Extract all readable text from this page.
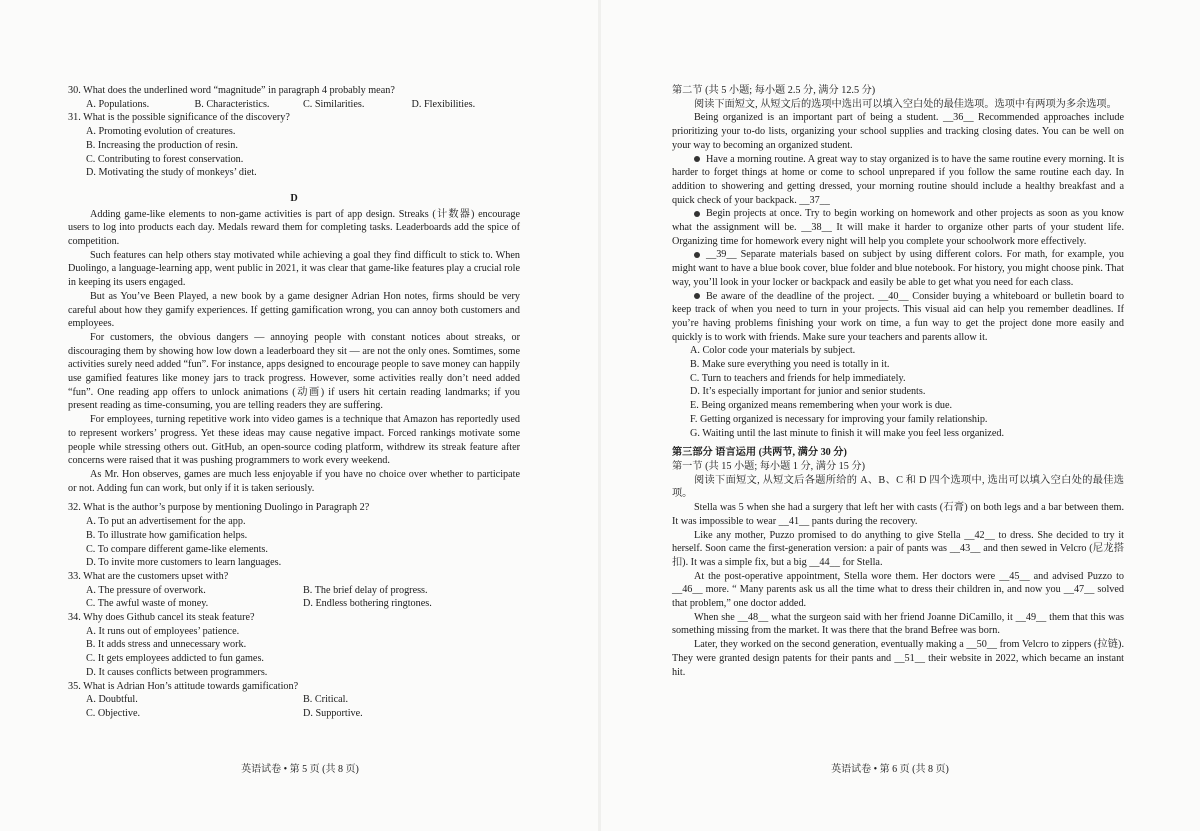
30. What does the underlined word “magnitude” in paragraph 4 probably mean?

A. Populations.	B. Characteristics.	C. Similarities.	D. Flexibilities.

31. What is the possible significance of the discovery?

A. Promoting evolution of creatures.

B. Increasing the production of resin.

C. Contributing to forest conservation.

D. Motivating the study of monkeys’ diet.

D

Adding game-like elements to non-game activities is part of app design. Streaks (计数器) encourage users to log into products each day. Medals reward them for completing tasks. Leaderboards add the spice of competition.

Such features can help others stay motivated while achieving a goal they find difficult to stick to. When Duolingo, a language-learning app, went public in 2021, it was clear that game-like features play a crucial role in keeping its users engaged.

But as You’ve Been Played, a new book by a game designer Adrian Hon notes, firms should be very careful about how they gamify experiences. If getting gamification wrong, you can annoy both customers and employees.

For customers, the obvious dangers — annoying people with constant notices about streaks, or discouraging them by showing how low down a leaderboard they sit — are not the only ones. Somtimes, some activities surely need added “fun”. For instance, apps designed to encourage people to save money can happily use gamified features like money jars to track progress. However, some activities really don’t need added “fun”. One reading app offers to unlock animations (动画) if users hit certain reading landmarks; if you present reading as time-consuming, you are telling readers they are suffering.

For employees, turning repetitive work into video games is a technique that Amazon has reportedly used to represent workers’ progress. Yet these ideas may cause negative impact. Forced rankings motivate some people while stressing others out. GitHub, an open-source coding platform, withdrew its streak feature after concerns were raised that it was pushing programmers to work every weekend.

As Mr. Hon observes, games are much less enjoyable if you have no choice over whether to participate or not. Adding fun can work, but only if it is taken seriously.

32. What is the author’s purpose by mentioning Duolingo in Paragraph 2?

A. To put an advertisement for the app.

B. To illustrate how gamification helps.

C. To compare different game-like elements.

D. To invite more customers to learn languages.

33. What are the customers upset with?

A. The pressure of overwork.	B. The brief delay of progress.
C. The awful waste of money.	D. Endless bothering ringtones.

34. Why does Github cancel its steak feature?

A. It runs out of employees’ patience.

B. It adds stress and unnecessary work.

C. It gets employees addicted to fun games.

D. It causes conflicts between programmers.

35. What is Adrian Hon’s attitude towards gamification?

A. Doubtful.	B. Critical.
C. Objective.	D. Supportive.
英语试卷 • 第 5 页 (共 8 页)

第二节 (共 5 小题; 每小题 2.5 分, 满分 12.5 分)

阅读下面短文, 从短文后的选项中选出可以填入空白处的最佳选项。选项中有两项为多余选项。

Being organized is an important part of being a student. __36__ Recommended approaches include prioritizing your to-do lists, organizing your school supplies and tracking closing dates. You can be well on your way to becoming an organized student.

Have a morning routine. A great way to stay organized is to have the same routine every morning. It is harder to forget things at home or come to school unprepared if you follow the same routine each day. In addition to showering and getting dressed, your morning routine should include a healthy breakfast and a quick check of your backpack. __37__

Begin projects at once. Try to begin working on homework and other projects as soon as you know what the assignment will be. __38__ It will make it harder to organize other parts of your student life. Organizing time for homework every night will help you complete your schoolwork more effectively.

__39__ Separate materials based on subject by using different colors. For math, for example, you might want to have a blue book cover, blue folder and blue notebook. For history, you might choose pink. That way, you’ll look in your locker or backpack and easily be able to get what you need for each class.

Be aware of the deadline of the project. __40__ Consider buying a whiteboard or bulletin board to keep track of when you need to turn in your projects. This visual aid can help you remember deadlines. If you’re having problems finishing your work on time, a fun way to get the project done more easily and quickly is to work with friends. Make sure your teachers and parents allow it.

A. Color code your materials by subject.

B. Make sure everything you need is totally in it.

C. Turn to teachers and friends for help immediately.

D. It’s especially important for junior and senior students.

E. Being organized means remembering when your work is due.

F. Getting organized is necessary for improving your family relationship.

G. Waiting until the last minute to finish it will make you feel less organized.

第三部分 语言运用 (共两节, 满分 30 分)

第一节 (共 15 小题; 每小题 1 分, 满分 15 分)

阅读下面短文, 从短文后各题所给的 A、B、C 和 D 四个选项中, 选出可以填入空白处的最佳选项。

Stella was 5 when she had a surgery that left her with casts (石膏) on both legs and a bar between them. It was impossible to wear __41__ pants during the recovery.

Like any mother, Puzzo promised to do anything to give Stella __42__ to dress. She decided to try it herself. Soon came the first-generation version: a pair of pants was __43__ and then sewed in Velcro (尼龙搭扣). It was a simple fix, but a big __44__ for Stella.

At the post-operative appointment, Stella wore them. Her doctors were __45__ and advised Puzzo to __46__ more. “ Many parents ask us all the time what to dress their children in, and now you __47__ solved that problem,” one doctor added.

When she __48__ what the surgeon said with her friend Joanne DiCamillo, it __49__ them that this was something missing from the market. It was there that the brand Befree was born.

Later, they worked on the second generation, eventually making a __50__ from Velcro to zippers (拉链). They were granted design patents for their pants and __51__ their website in 2022, which became an instant hit.

英语试卷 • 第 6 页 (共 8 页)
